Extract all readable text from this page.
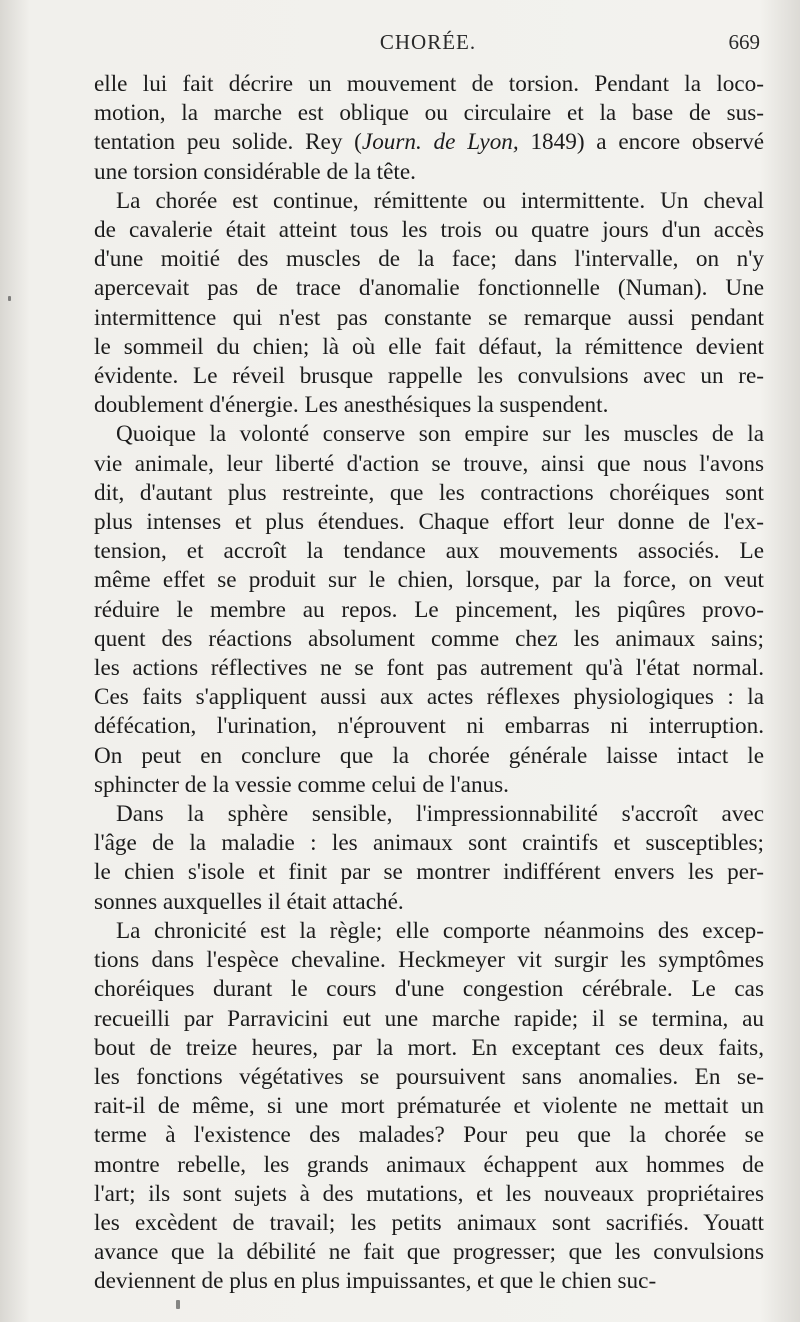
CHORÉE.	669
elle lui fait décrire un mouvement de torsion. Pendant la loco-
motion, la marche est oblique ou circulaire et la base de sus-
tentation peu solide. Rey (Journ. de Lyon, 1849) a encore observé
une torsion considérable de la tête.
La chorée est continue, rémittente ou intermittente. Un cheval
de cavalerie était atteint tous les trois ou quatre jours d'un accès
d'une moitié des muscles de la face; dans l'intervalle, on n'y
apercevait pas de trace d'anomalie fonctionnelle (Numan). Une
intermittence qui n'est pas constante se remarque aussi pendant
le sommeil du chien; là où elle fait défaut, la rémittence devient
évidente. Le réveil brusque rappelle les convulsions avec un re-
doublement d'énergie. Les anesthésiques la suspendent.
Quoique la volonté conserve son empire sur les muscles de la
vie animale, leur liberté d'action se trouve, ainsi que nous l'avons
dit, d'autant plus restreinte, que les contractions choréiques sont
plus intenses et plus étendues. Chaque effort leur donne de l'ex-
tension, et accroît la tendance aux mouvements associés. Le
même effet se produit sur le chien, lorsque, par la force, on veut
réduire le membre au repos. Le pincement, les piqûres provo-
quent des réactions absolument comme chez les animaux sains;
les actions réflectives ne se font pas autrement qu'à l'état normal.
Ces faits s'appliquent aussi aux actes réflexes physiologiques : la
défécation, l'urination, n'éprouvent ni embarras ni interruption.
On peut en conclure que la chorée générale laisse intact le
sphincter de la vessie comme celui de l'anus.
Dans la sphère sensible, l'impressionnabilité s'accroît avec
l'âge de la maladie : les animaux sont craintifs et susceptibles;
le chien s'isole et finit par se montrer indifférent envers les per-
sonnes auxquelles il était attaché.
La chronicité est la règle; elle comporte néanmoins des excep-
tions dans l'espèce chevaline. Heckmeyer vit surgir les symptômes
choréiques durant le cours d'une congestion cérébrale. Le cas
recueilli par Parravicini eut une marche rapide; il se termina, au
bout de treize heures, par la mort. En exceptant ces deux faits,
les fonctions végétatives se poursuivent sans anomalies. En se-
rait-il de même, si une mort prématurée et violente ne mettait un
terme à l'existence des malades? Pour peu que la chorée se
montre rebelle, les grands animaux échappent aux hommes de
l'art; ils sont sujets à des mutations, et les nouveaux propriétaires
les excèdent de travail; les petits animaux sont sacrifiés. Youatt
avance que la débilité ne fait que progresser; que les convulsions
deviennent de plus en plus impuissantes, et que le chien suc-
